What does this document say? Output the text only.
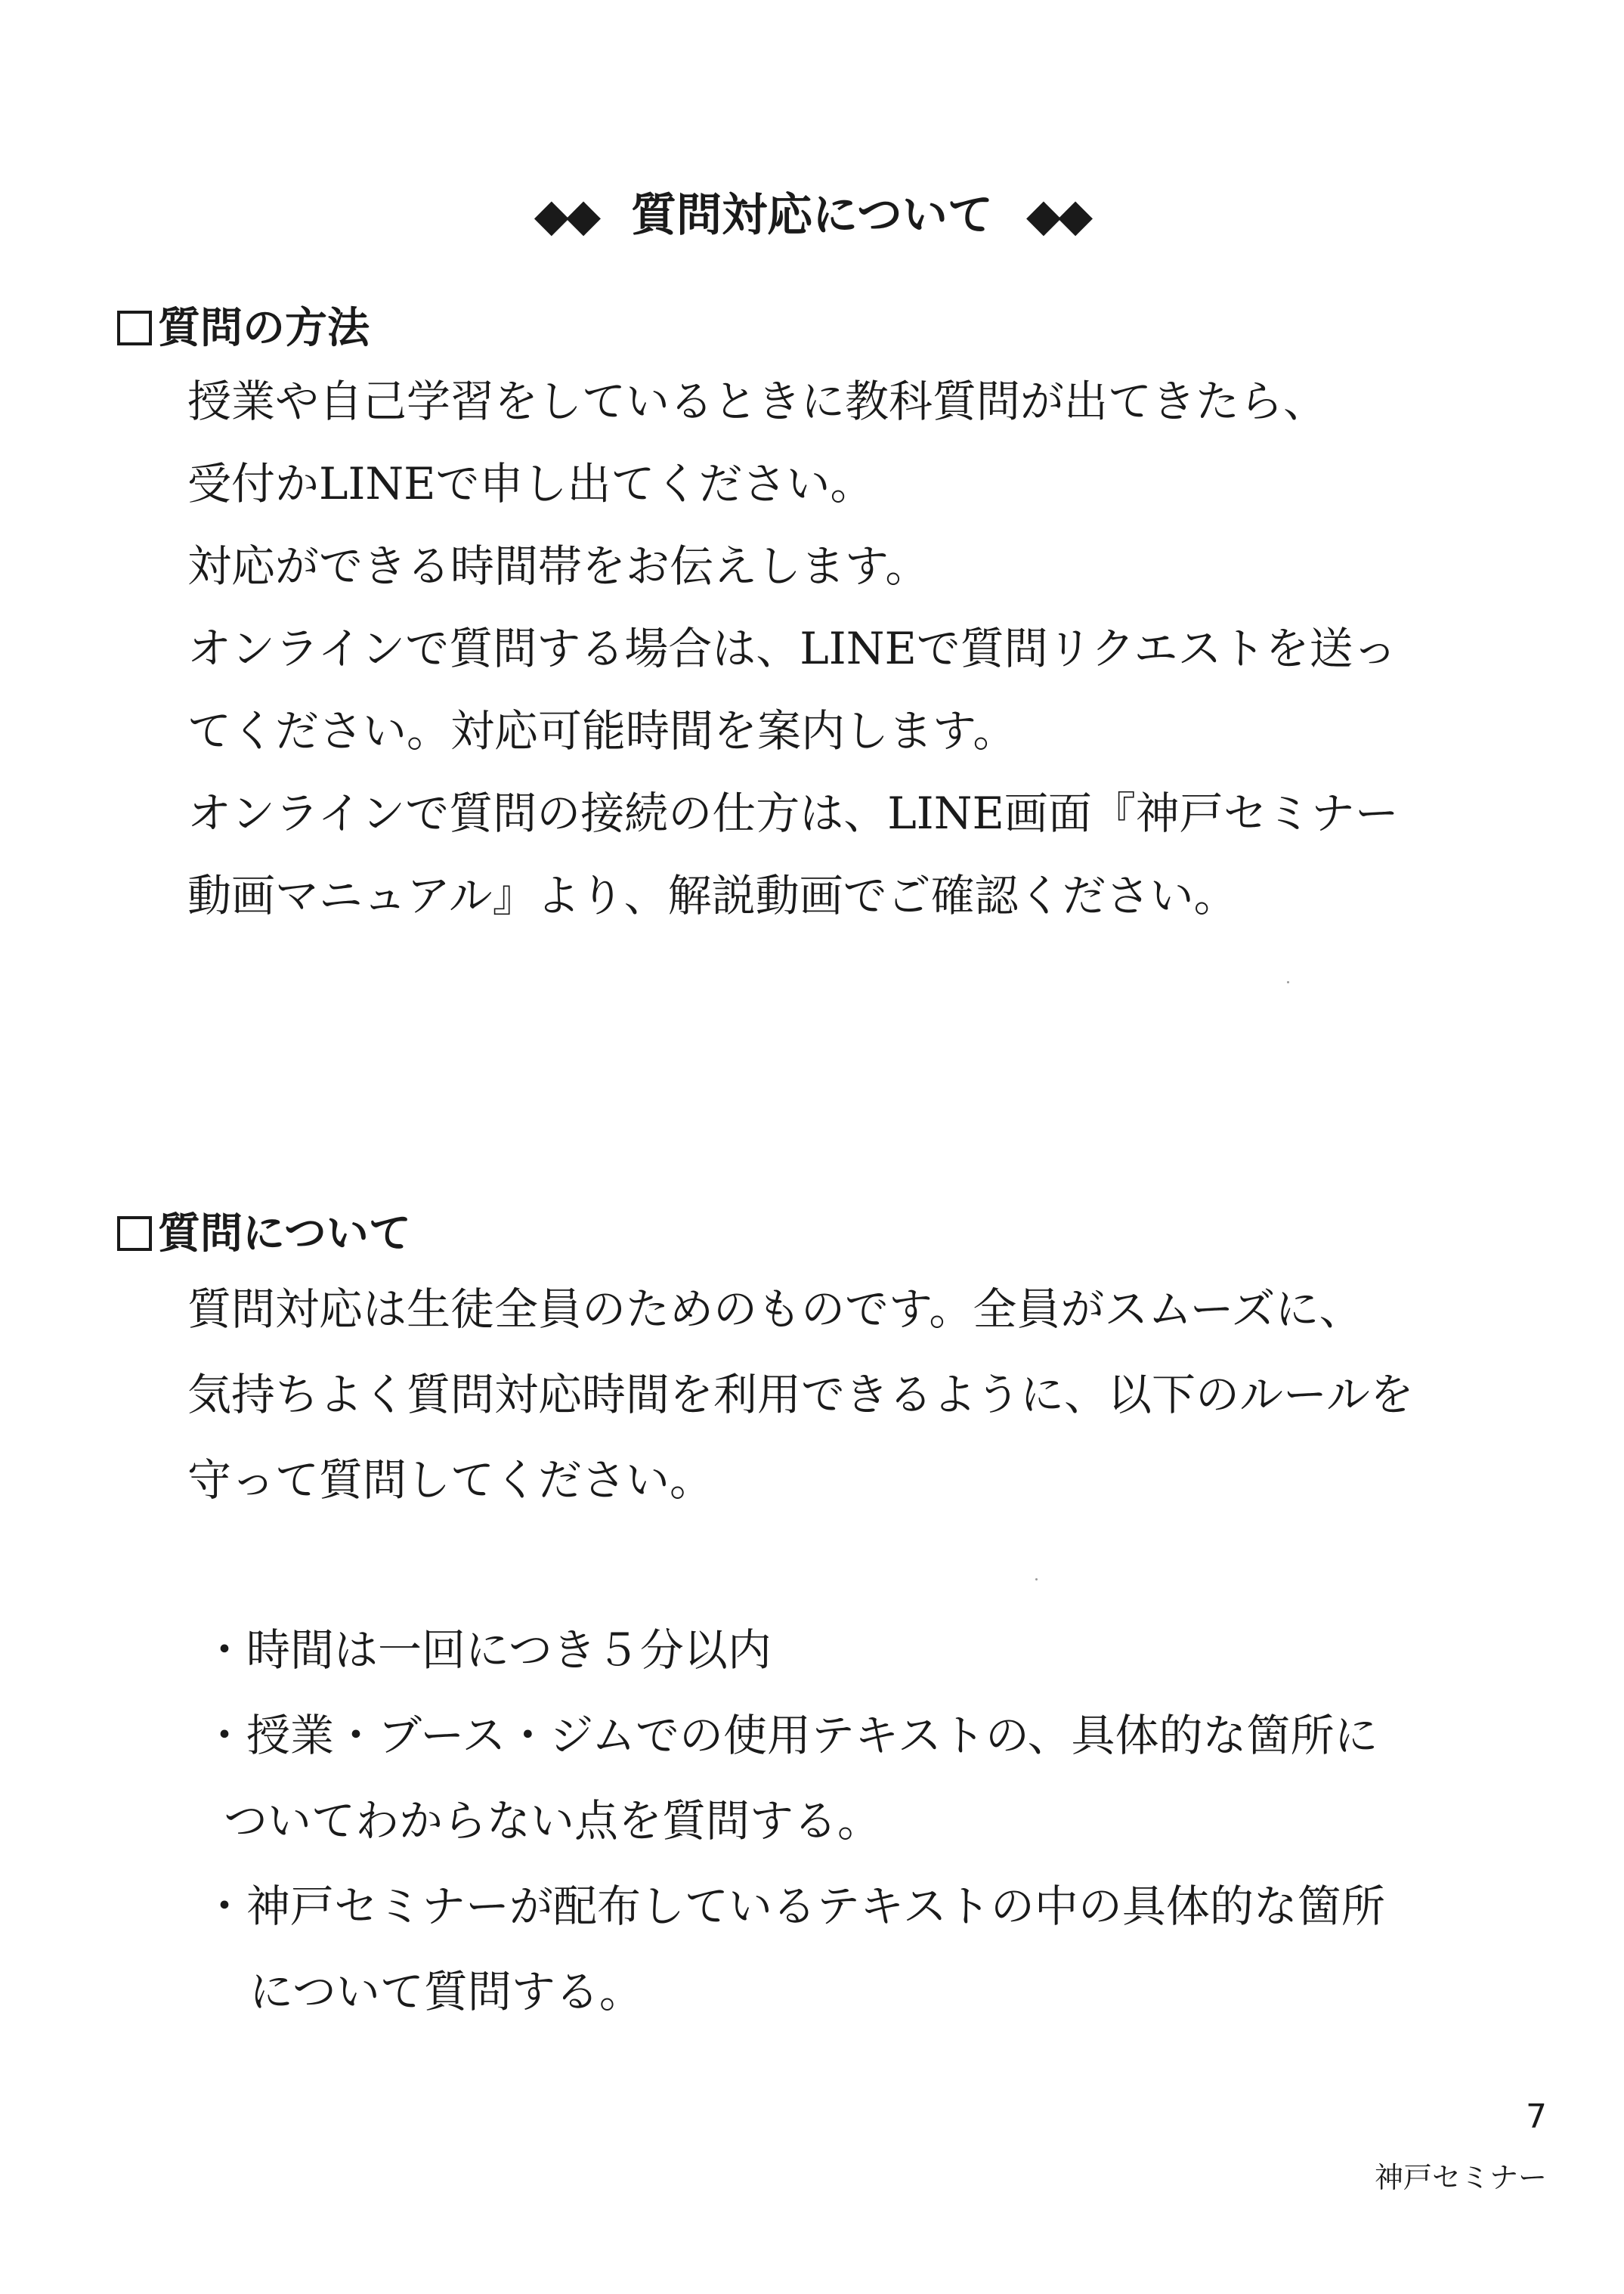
◆◆ 質問対応について ◆◆
質問の方法
授業や自己学習をしているときに教科質問が出てきたら、
受付かLINEで申し出てください。
対応ができる時間帯をお伝えします。
オンラインで質問する場合は、LINEで質問リクエストを送っ
てください。対応可能時間を案内します。
オンラインで質問の接続の仕方は、LINE画面『神戸セミナー
動画マニュアル』より、解説動画でご確認ください。
質問について
質問対応は生徒全員のためのものです。全員がスムーズに、
気持ちよく質問対応時間を利用できるように、以下のルールを
守って質問してください。
・時間は一回につき５分以内
・授業・ブース・ジムでの使用テキストの、具体的な箇所に
ついてわからない点を質問する。
・神戸セミナーが配布しているテキストの中の具体的な箇所
について質問する。
7
神戸セミナー
